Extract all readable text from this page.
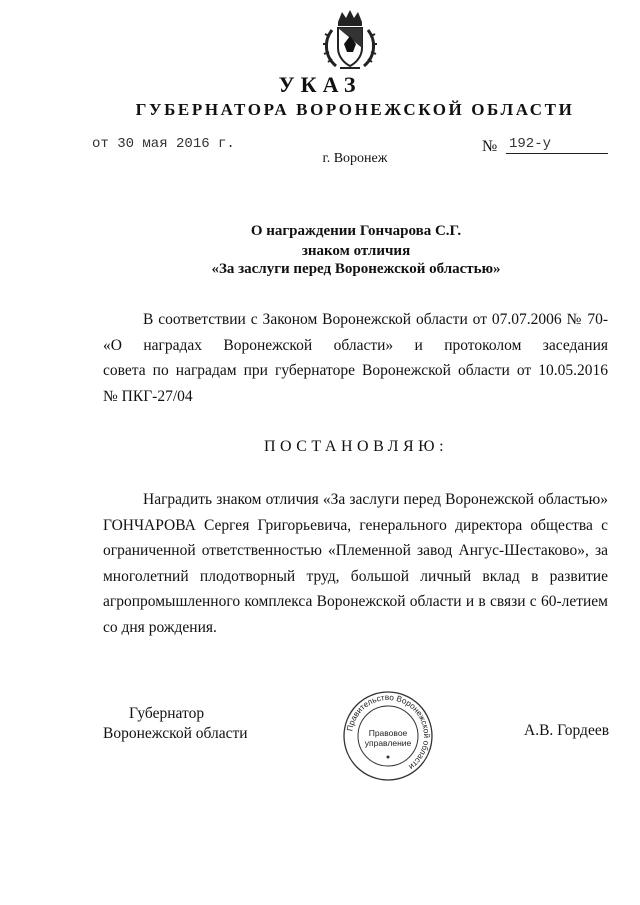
УКАЗ
ГУБЕРНАТОРА ВОРОНЕЖСКОЙ ОБЛАСТИ
от 30 мая 2016 г.	№ 192-у
г. Воронеж
О награждении Гончарова С.Г.
знаком отличия
«За заслуги перед Воронежской областью»
В соответствии с Законом Воронежской области от 07.07.2006 № 70-
«О наградах Воронежской области» и протоколом заседания
совета по наградам при губернаторе Воронежской области от 10.05.2016
№ ПКГ-27/04
ПОСТАНОВЛЯЮ:
Наградить знаком отличия «За заслуги перед Воронежской областью»
ГОНЧАРОВА Сергея Григорьевича, генерального директора общества с
ограниченной ответственностью «Племенной завод Ангус-Шестаково», за
многолетний плодотворный труд, большой личный вклад в развитие
агропромышленного комплекса Воронежской области и в связи с 60-летием
со дня рождения.
Губернатор
Воронежской области	А.В. Гордеев
Правительство Воронежской области
Правовое
управление
